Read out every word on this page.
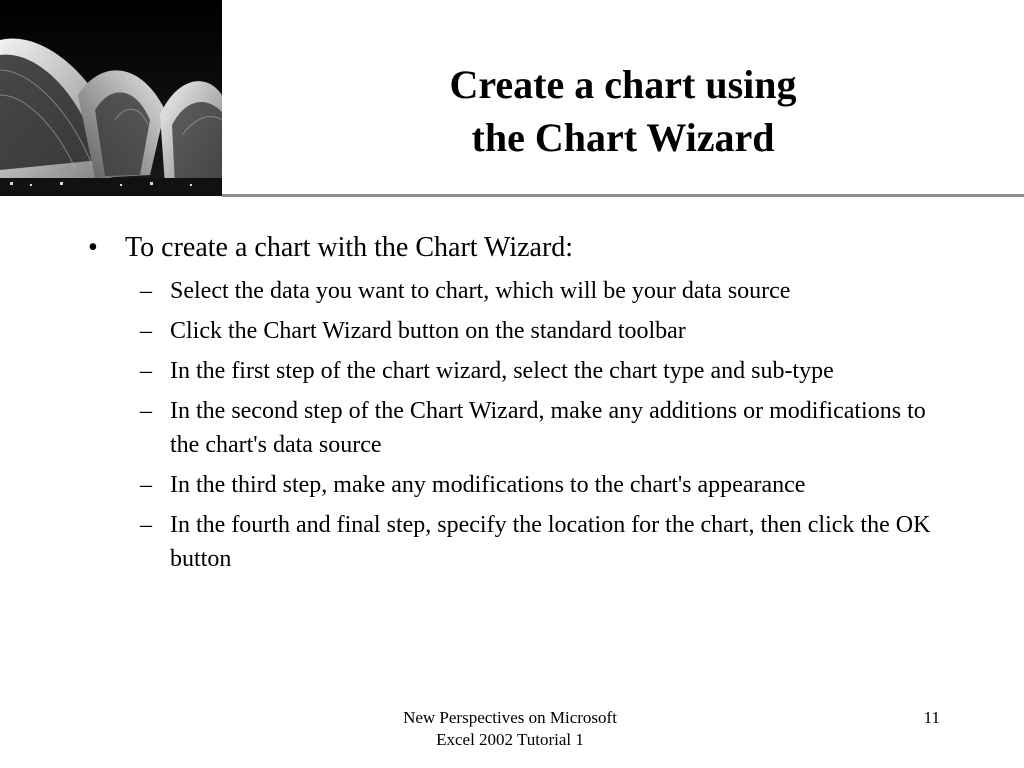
Create a chart using
the Chart Wizard

• To create a chart with the Chart Wizard:

– Select the data you want to chart, which will be your data source
– Click the Chart Wizard button on the standard toolbar
– In the first step of the chart wizard, select the chart type and sub-type
– In the second step of the Chart Wizard, make any additions or modifications to the chart's data source
– In the third step, make any modifications to the chart's appearance
– In the fourth and final step, specify the location for the chart, then click the OK button
New Perspectives on Microsoft
Excel 2002 Tutorial 1
11
